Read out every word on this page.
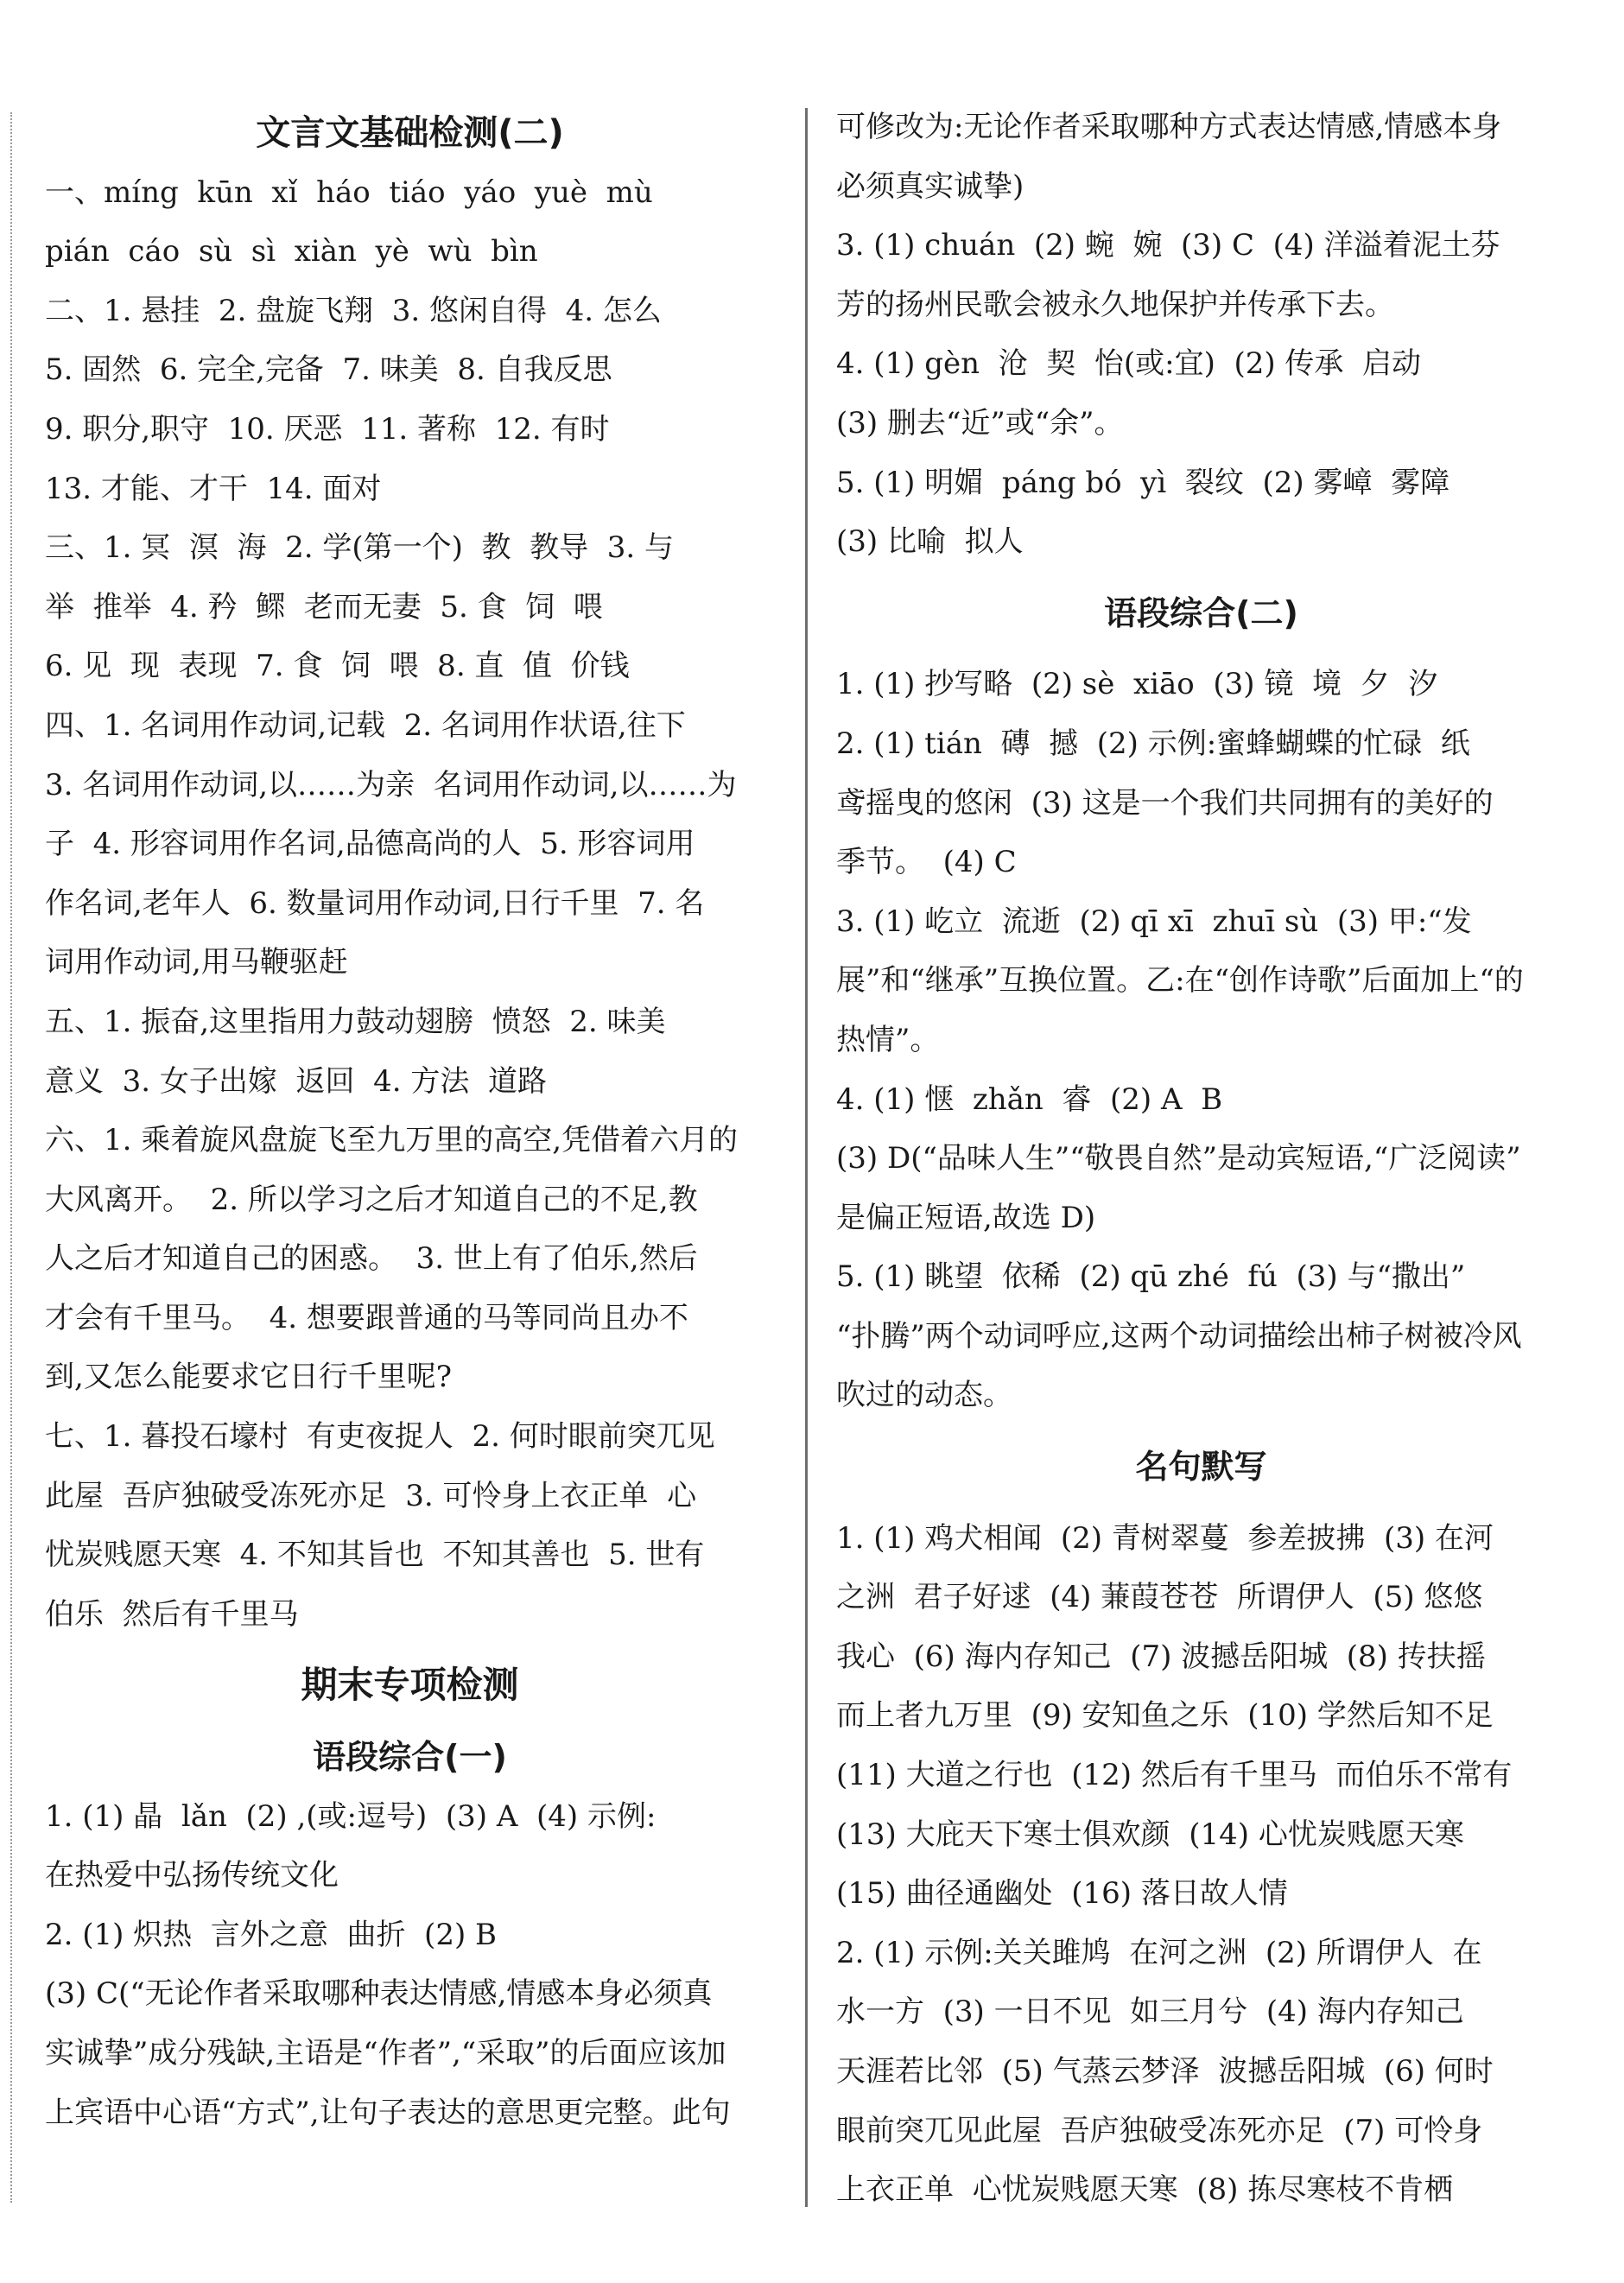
文言文基础检测(二)
一、míng  kūn  xǐ  háo  tiáo  yáo  yuè  mù
pián  cáo  sù  sì  xiàn  yè  wù  bìn
二、1. 悬挂  2. 盘旋飞翔  3. 悠闲自得  4. 怎么
5. 固然  6. 完全,完备  7. 味美  8. 自我反思
9. 职分,职守  10. 厌恶  11. 著称  12. 有时
13. 才能、才干  14. 面对
三、1. 冥  溟  海  2. 学(第一个)  教  教导  3. 与
举  推举  4. 矜  鳏  老而无妻  5. 食  饲  喂
6. 见  现  表现  7. 食  饲  喂  8. 直  值  价钱
四、1. 名词用作动词,记载  2. 名词用作状语,往下
3. 名词用作动词,以……为亲  名词用作动词,以……为
子  4. 形容词用作名词,品德高尚的人  5. 形容词用
作名词,老年人  6. 数量词用作动词,日行千里  7. 名
词用作动词,用马鞭驱赶
五、1. 振奋,这里指用力鼓动翅膀  愤怒  2. 味美
意义  3. 女子出嫁  返回  4. 方法  道路
六、1. 乘着旋风盘旋飞至九万里的高空,凭借着六月的
大风离开。  2. 所以学习之后才知道自己的不足,教
人之后才知道自己的困惑。  3. 世上有了伯乐,然后
才会有千里马。  4. 想要跟普通的马等同尚且办不
到,又怎么能要求它日行千里呢?
七、1. 暮投石壕村  有吏夜捉人  2. 何时眼前突兀见
此屋  吾庐独破受冻死亦足  3. 可怜身上衣正单  心
忧炭贱愿天寒  4. 不知其旨也  不知其善也  5. 世有
伯乐  然后有千里马
期末专项检测
语段综合(一)
1. (1) 晶  lǎn  (2) ,(或:逗号)  (3) A  (4) 示例:
在热爱中弘扬传统文化
2. (1) 炽热  言外之意  曲折  (2) B
(3) C(“无论作者采取哪种表达情感,情感本身必须真
实诚挚”成分残缺,主语是“作者”,“采取”的后面应该加
上宾语中心语“方式”,让句子表达的意思更完整。此句
可修改为:无论作者采取哪种方式表达情感,情感本身
必须真实诚挚)
3. (1) chuán  (2) 蜿  婉  (3) C  (4) 洋溢着泥土芬
芳的扬州民歌会被永久地保护并传承下去。
4. (1) gèn  沧  契  怡(或:宜)  (2) 传承  启动
(3) 删去“近”或“余”。
5. (1) 明媚  páng bó  yì  裂纹  (2) 雾嶂  雾障
(3) 比喻  拟人
语段综合(二)
1. (1) 抄写略  (2) sè  xiāo  (3) 镜  境  夕  汐
2. (1) tián  磚  撼  (2) 示例:蜜蜂蝴蝶的忙碌  纸
鸢摇曳的悠闲  (3) 这是一个我们共同拥有的美好的
季节。  (4) C
3. (1) 屹立  流逝  (2) qī xī  zhuī sù  (3) 甲:“发
展”和“继承”互换位置。乙:在“创作诗歌”后面加上“的
热情”。
4. (1) 惬  zhǎn  睿  (2) A  B
(3) D(“品味人生”“敬畏自然”是动宾短语,“广泛阅读”
是偏正短语,故选 D)
5. (1) 眺望  依稀  (2) qū zhé  fú  (3) 与“撒出”
“扑腾”两个动词呼应,这两个动词描绘出柿子树被冷风
吹过的动态。
名句默写
1. (1) 鸡犬相闻  (2) 青树翠蔓  参差披拂  (3) 在河
之洲  君子好逑  (4) 蒹葭苍苍  所谓伊人  (5) 悠悠
我心  (6) 海内存知己  (7) 波撼岳阳城  (8) 抟扶摇
而上者九万里  (9) 安知鱼之乐  (10) 学然后知不足
(11) 大道之行也  (12) 然后有千里马  而伯乐不常有
(13) 大庇天下寒士俱欢颜  (14) 心忧炭贱愿天寒
(15) 曲径通幽处  (16) 落日故人情
2. (1) 示例:关关雎鸠  在河之洲  (2) 所谓伊人  在
水一方  (3) 一日不见  如三月兮  (4) 海内存知己
天涯若比邻  (5) 气蒸云梦泽  波撼岳阳城  (6) 何时
眼前突兀见此屋  吾庐独破受冻死亦足  (7) 可怜身
上衣正单  心忧炭贱愿天寒  (8) 拣尽寒枝不肯栖
